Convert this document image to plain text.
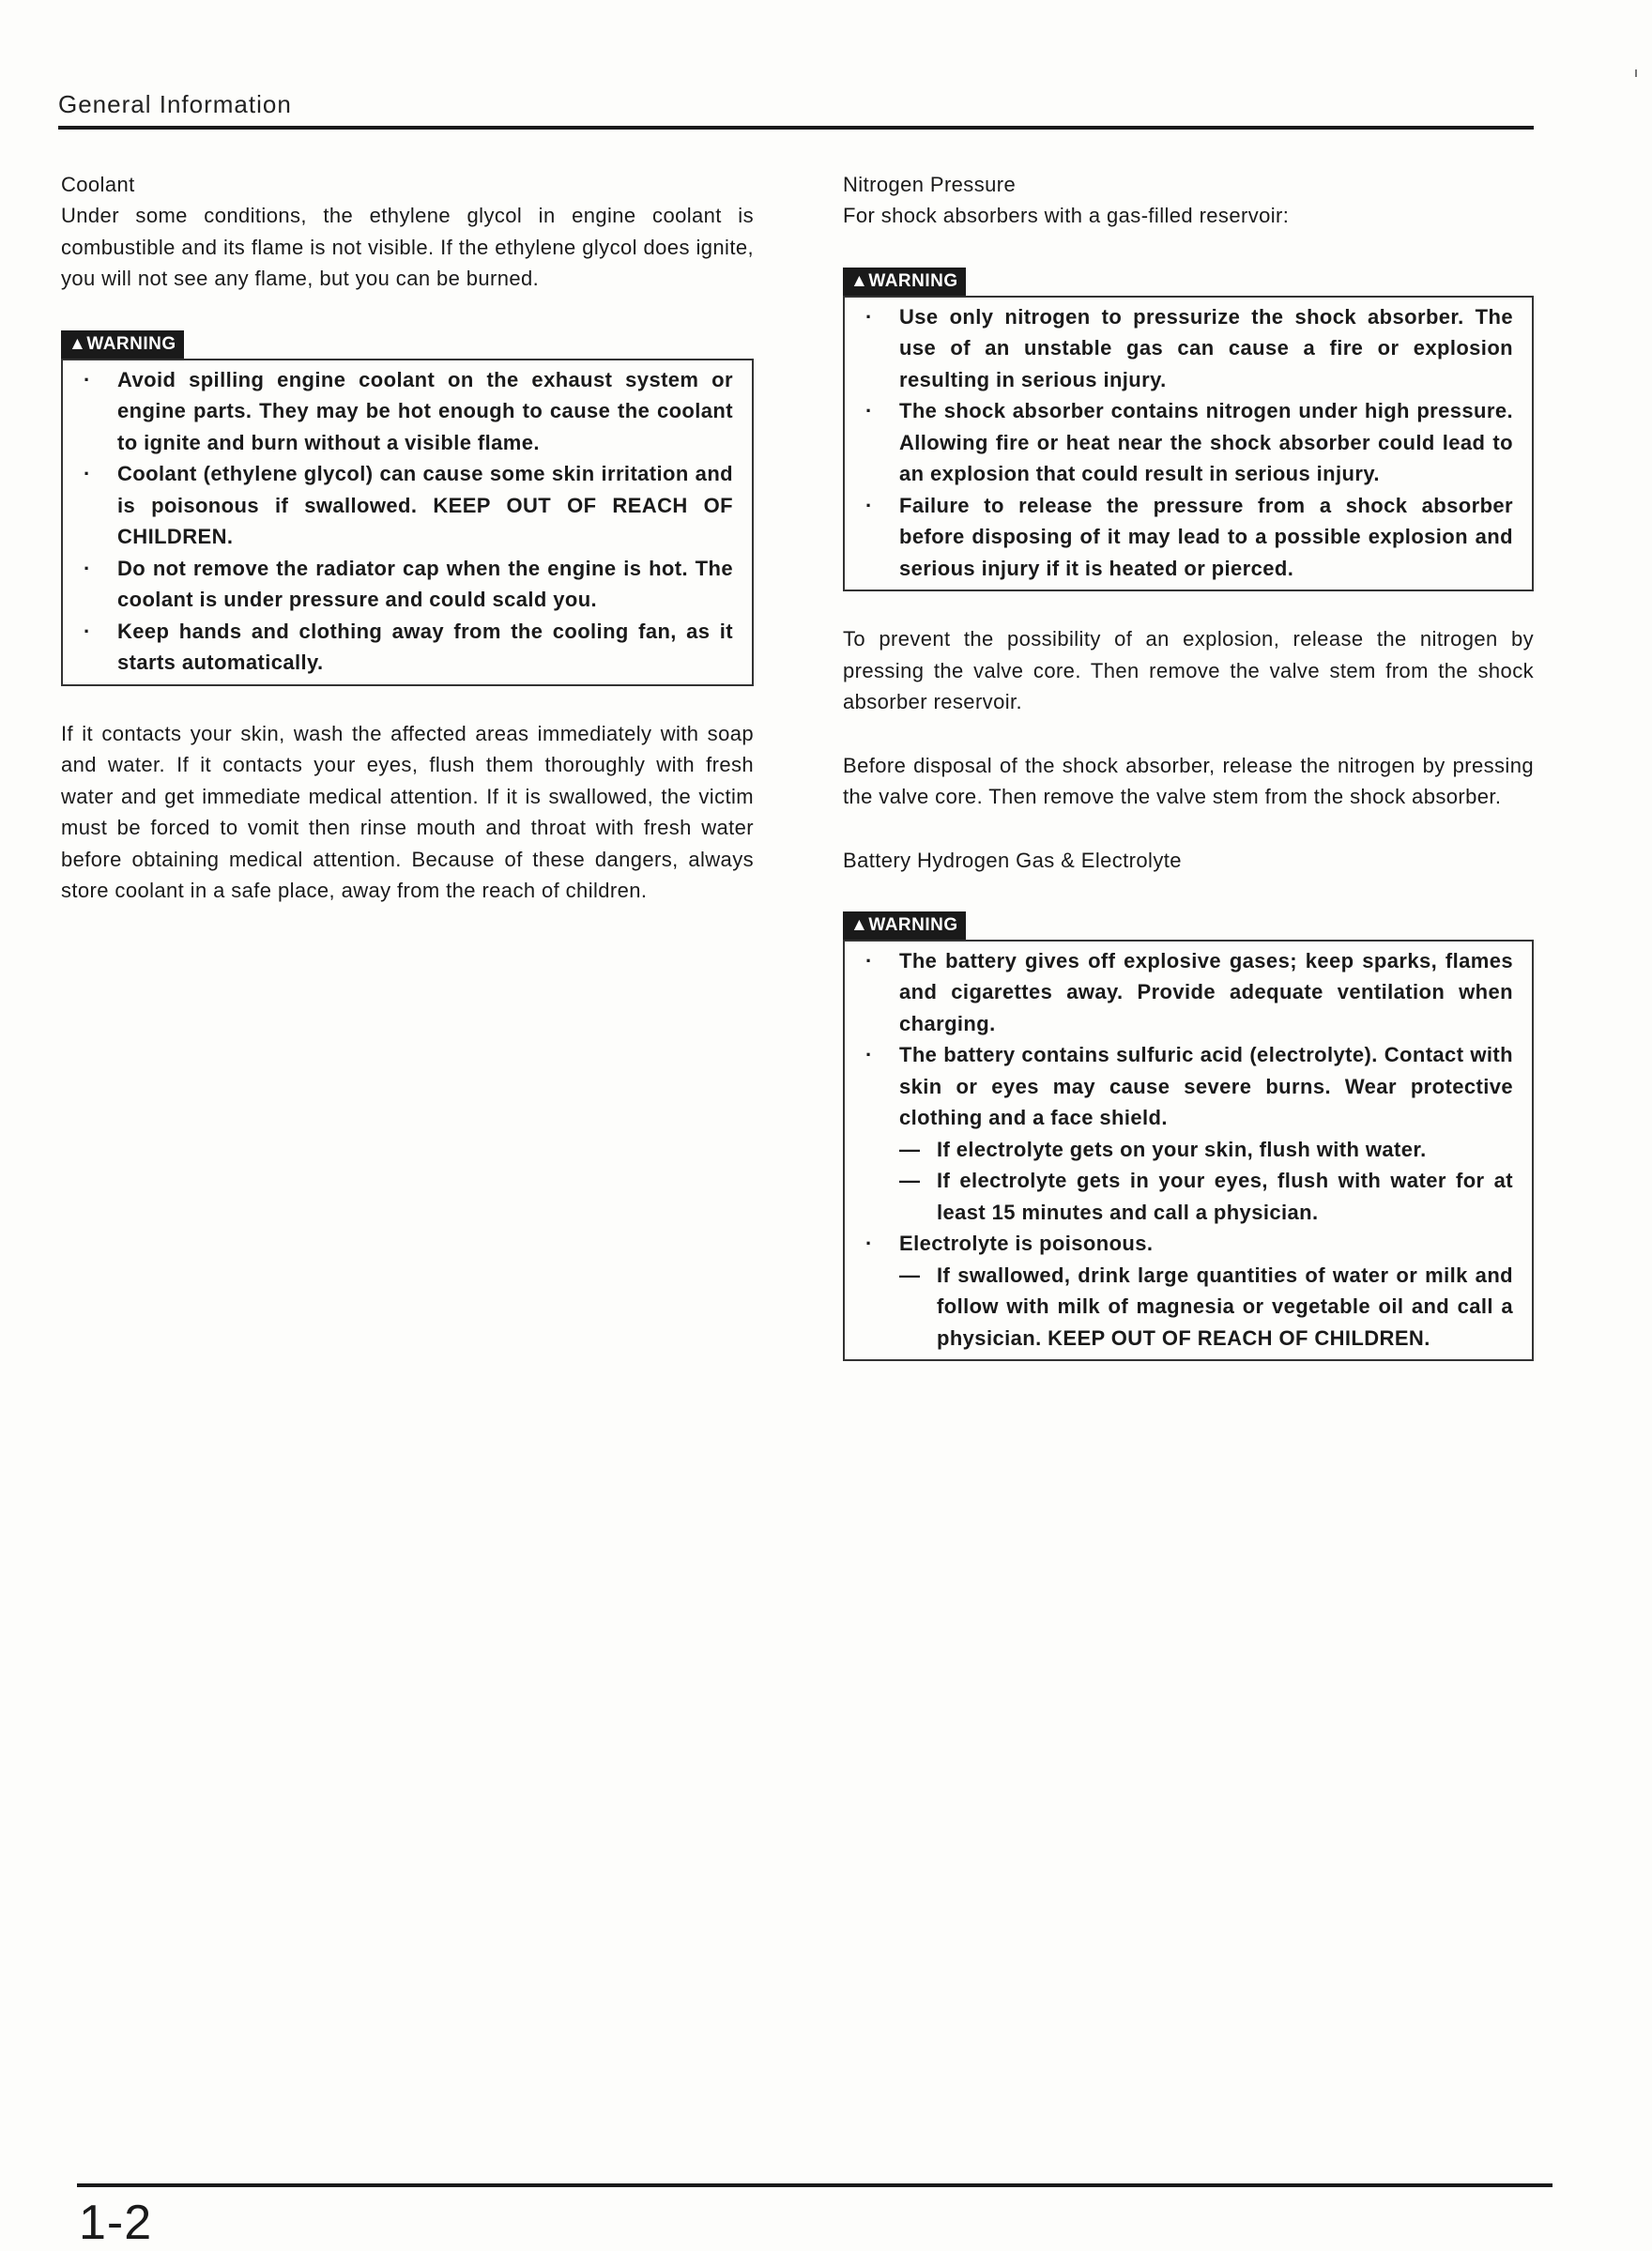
General Information
Coolant

Under some conditions, the ethylene glycol in engine coolant is combustible and its flame is not visible. If the ethylene glycol does ignite, you will not see any flame, but you can be burned.

▲WARNING
· Avoid spilling engine coolant on the exhaust system or engine parts. They may be hot enough to cause the coolant to ignite and burn without a visible flame.
· Coolant (ethylene glycol) can cause some skin irritation and is poisonous if swallowed. KEEP OUT OF REACH OF CHILDREN.
· Do not remove the radiator cap when the engine is hot. The coolant is under pressure and could scald you.
· Keep hands and clothing away from the cooling fan, as it starts automatically.

If it contacts your skin, wash the affected areas immediately with soap and water. If it contacts your eyes, flush them thoroughly with fresh water and get immediate medical attention. If it is swallowed, the victim must be forced to vomit then rinse mouth and throat with fresh water before obtaining medical attention. Because of these dangers, always store coolant in a safe place, away from the reach of children.

Nitrogen Pressure

For shock absorbers with a gas-filled reservoir:

▲WARNING
· Use only nitrogen to pressurize the shock absorber. The use of an unstable gas can cause a fire or explosion resulting in serious injury.
· The shock absorber contains nitrogen under high pressure. Allowing fire or heat near the shock absorber could lead to an explosion that could result in serious injury.
· Failure to release the pressure from a shock absorber before disposing of it may lead to a possible explosion and serious injury if it is heated or pierced.

To prevent the possibility of an explosion, release the nitrogen by pressing the valve core. Then remove the valve stem from the shock absorber reservoir.

Before disposal of the shock absorber, release the nitrogen by pressing the valve core. Then remove the valve stem from the shock absorber.

Battery Hydrogen Gas & Electrolyte
▲WARNING
· The battery gives off explosive gases; keep sparks, flames and cigarettes away. Provide adequate ventilation when charging.
· The battery contains sulfuric acid (electrolyte). Contact with skin or eyes may cause severe burns. Wear protective clothing and a face shield.
— If electrolyte gets on your skin, flush with water.
— If electrolyte gets in your eyes, flush with water for at least 15 minutes and call a physician.
· Electrolyte is poisonous.
— If swallowed, drink large quantities of water or milk and follow with milk of magnesia or vegetable oil and call a physician. KEEP OUT OF REACH OF CHILDREN.
1-2
